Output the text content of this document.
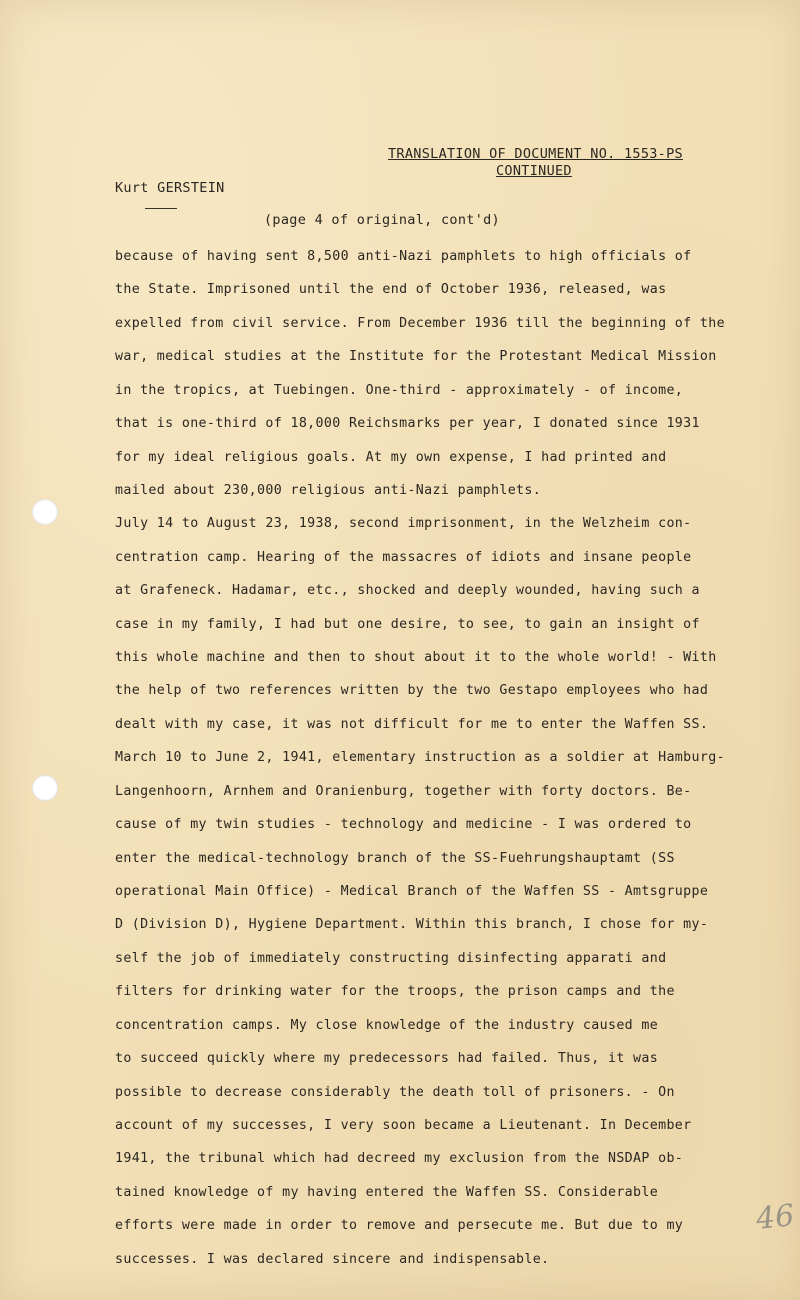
TRANSLATION OF DOCUMENT NO. 1553-PS
CONTINUED
Kurt GERSTEIN
(page 4 of original, cont'd)
because of having sent 8,500 anti-Nazi pamphlets to high officials of
the State. Imprisoned until the end of October 1936, released, was
expelled from civil service. From December 1936 till the beginning of the
war, medical studies at the Institute for the Protestant Medical Mission
in the tropics, at Tuebingen. One-third - approximately - of income,
that is one-third of 18,000 Reichsmarks per year, I donated since 1931
for my ideal religious goals. At my own expense, I had printed and
mailed about 230,000 religious anti-Nazi pamphlets.
July 14 to August 23, 1938, second imprisonment, in the Welzheim con-
centration camp. Hearing of the massacres of idiots and insane people
at Grafeneck. Hadamar, etc., shocked and deeply wounded, having such a
case in my family, I had but one desire, to see, to gain an insight of
this whole machine and then to shout about it to the whole world! - With
the help of two references written by the two Gestapo employees who had
dealt with my case, it was not difficult for me to enter the Waffen SS.
March 10 to June 2, 1941, elementary instruction as a soldier at Hamburg-
Langenhoorn, Arnhem and Oranienburg, together with forty doctors. Be-
cause of my twin studies - technology and medicine - I was ordered to
enter the medical-technology branch of the SS-Fuehrungshauptamt (SS
operational Main Office) - Medical Branch of the Waffen SS - Amtsgruppe
D (Division D), Hygiene Department. Within this branch, I chose for my-
self the job of immediately constructing disinfecting apparati and
filters for drinking water for the troops, the prison camps and the
concentration camps. My close knowledge of the industry caused me
to succeed quickly where my predecessors had failed. Thus, it was
possible to decrease considerably the death toll of prisoners. - On
account of my successes, I very soon became a Lieutenant. In December
1941, the tribunal which had decreed my exclusion from the NSDAP ob-
tained knowledge of my having entered the Waffen SS. Considerable
efforts were made in order to remove and persecute me. But due to my
successes. I was declared sincere and indispensable.
46
